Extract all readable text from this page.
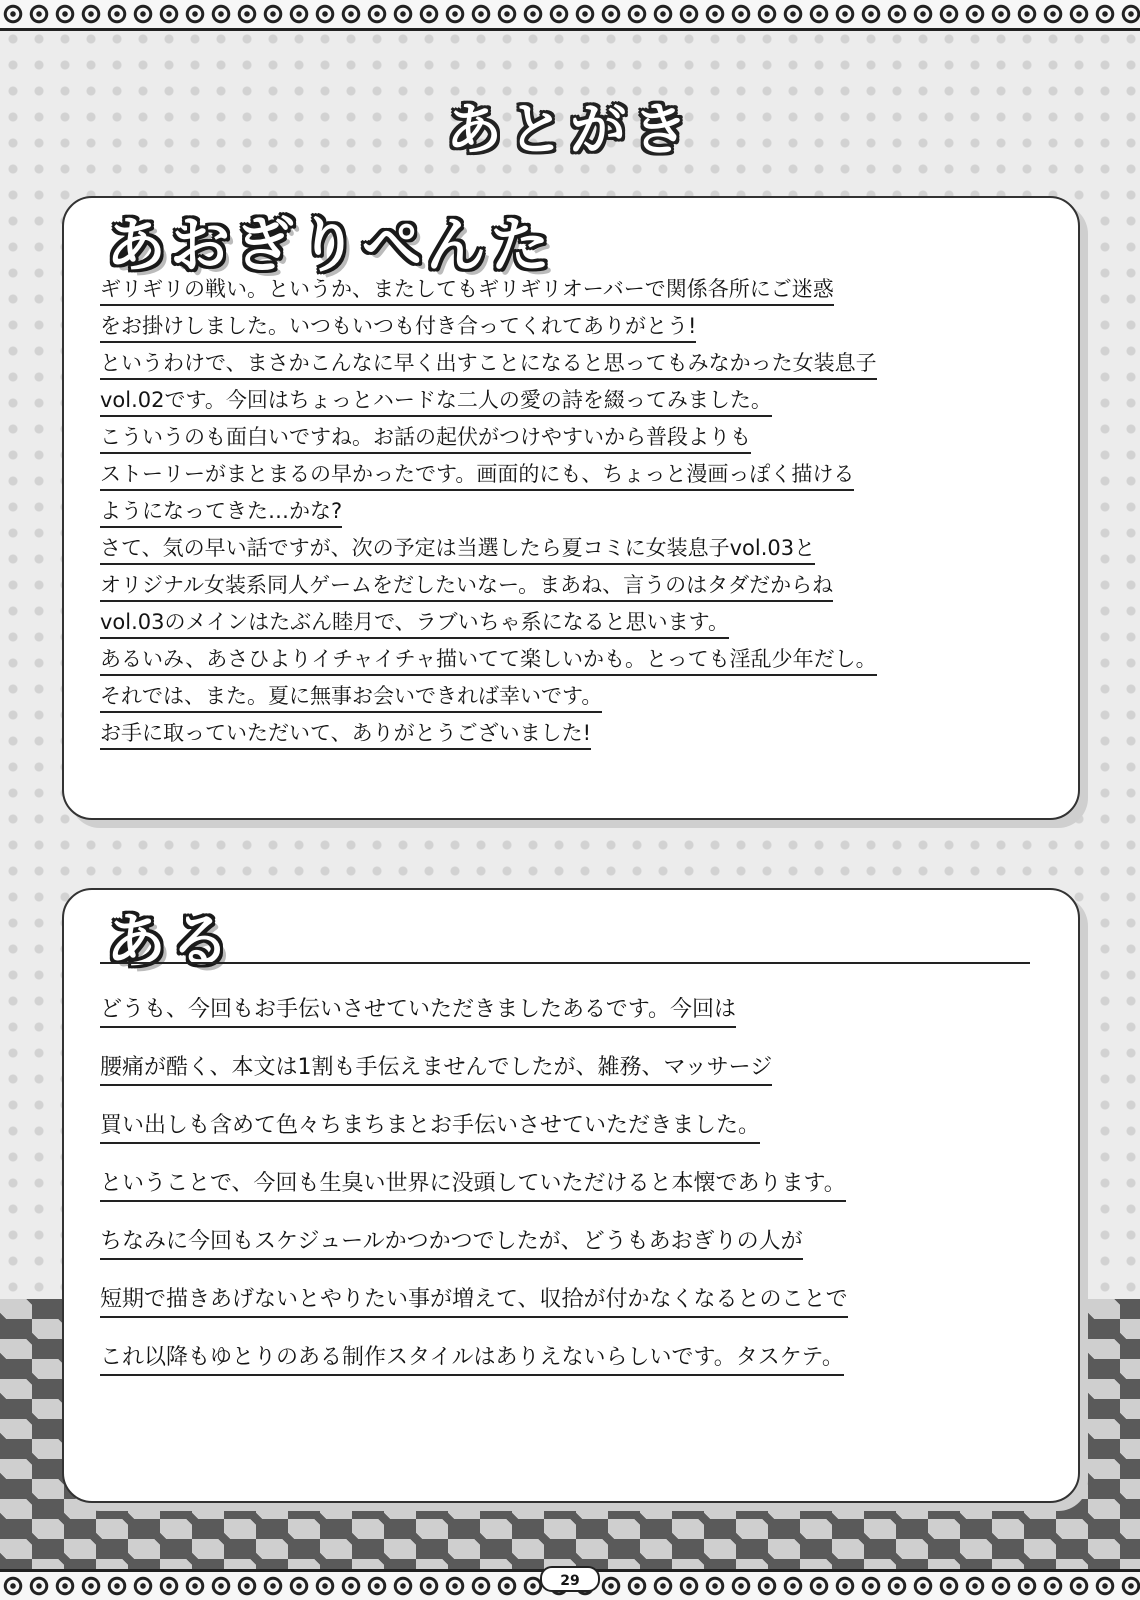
あとがき
あおぎりぺんた
ギリギリの戦い。というか、またしてもギリギリオーバーで関係各所にご迷惑
をお掛けしました。いつもいつも付き合ってくれてありがとう!
というわけで、まさかこんなに早く出すことになると思ってもみなかった女装息子
vol.02です。今回はちょっとハードな二人の愛の詩を綴ってみました。
こういうのも面白いですね。お話の起伏がつけやすいから普段よりも
ストーリーがまとまるの早かったです。画面的にも、ちょっと漫画っぽく描ける
ようになってきた…かな?
さて、気の早い話ですが、次の予定は当選したら夏コミに女装息子vol.03と
オリジナル女装系同人ゲームをだしたいなー。まあね、言うのはタダだからね
vol.03のメインはたぶん睦月で、ラブいちゃ系になると思います。
あるいみ、あさひよりイチャイチャ描いてて楽しいかも。とっても淫乱少年だし。
それでは、また。夏に無事お会いできれば幸いです。
お手に取っていただいて、ありがとうございました!
ある
どうも、今回もお手伝いさせていただきましたあるです。今回は
腰痛が酷く、本文は1割も手伝えませんでしたが、雑務、マッサージ
買い出しも含めて色々ちまちまとお手伝いさせていただきました。
ということで、今回も生臭い世界に没頭していただけると本懐であります。
ちなみに今回もスケジュールかつかつでしたが、どうもあおぎりの人が
短期で描きあげないとやりたい事が増えて、収拾が付かなくなるとのことで
これ以降もゆとりのある制作スタイルはありえないらしいです。タスケテ。
29
